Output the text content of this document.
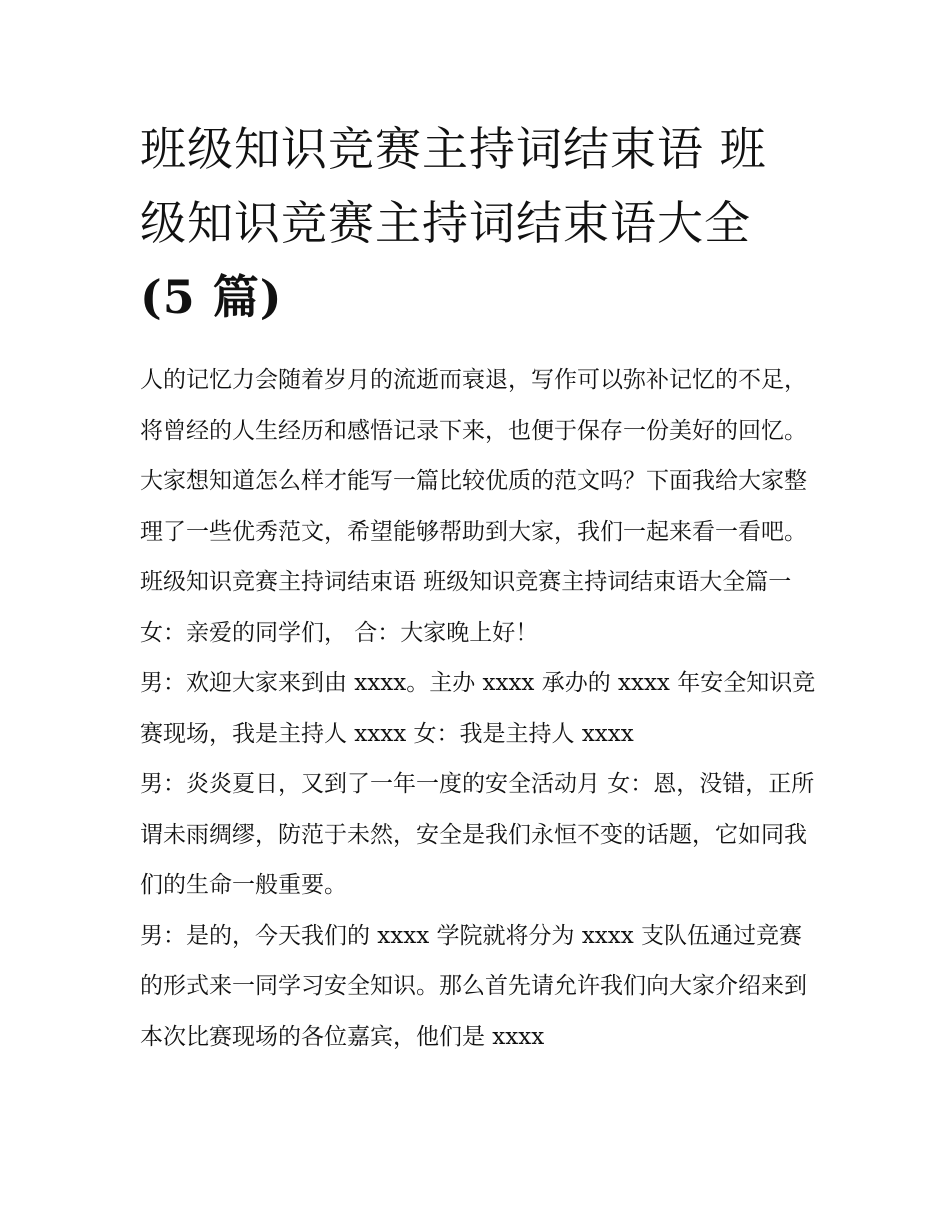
班级知识竞赛主持词结束语 班
级知识竞赛主持词结束语大全
(5 篇)

人的记忆力会随着岁月的流逝而衰退，写作可以弥补记忆的不足，将曾经的人生经历和感悟记录下来，也便于保存一份美好的回忆。大家想知道怎么样才能写一篇比较优质的范文吗？下面我给大家整理了一些优秀范文，希望能够帮助到大家，我们一起来看一看吧。

班级知识竞赛主持词结束语 班级知识竞赛主持词结束语大全篇一 女：亲爱的同学们， 合：大家晚上好！

男：欢迎大家来到由 xxxx。主办 xxxx 承办的 xxxx 年安全知识竞赛现场，我是主持人 xxxx 女：我是主持人 xxxx

男：炎炎夏日，又到了一年一度的安全活动月 女：恩，没错，正所谓未雨绸缪，防范于未然，安全是我们永恒不变的话题，它如同我们的生命一般重要。

男：是的，今天我们的 xxxx 学院就将分为 xxxx 支队伍通过竞赛的形式来一同学习安全知识。那么首先请允许我们向大家介绍来到本次比赛现场的各位嘉宾，他们是 xxxx
